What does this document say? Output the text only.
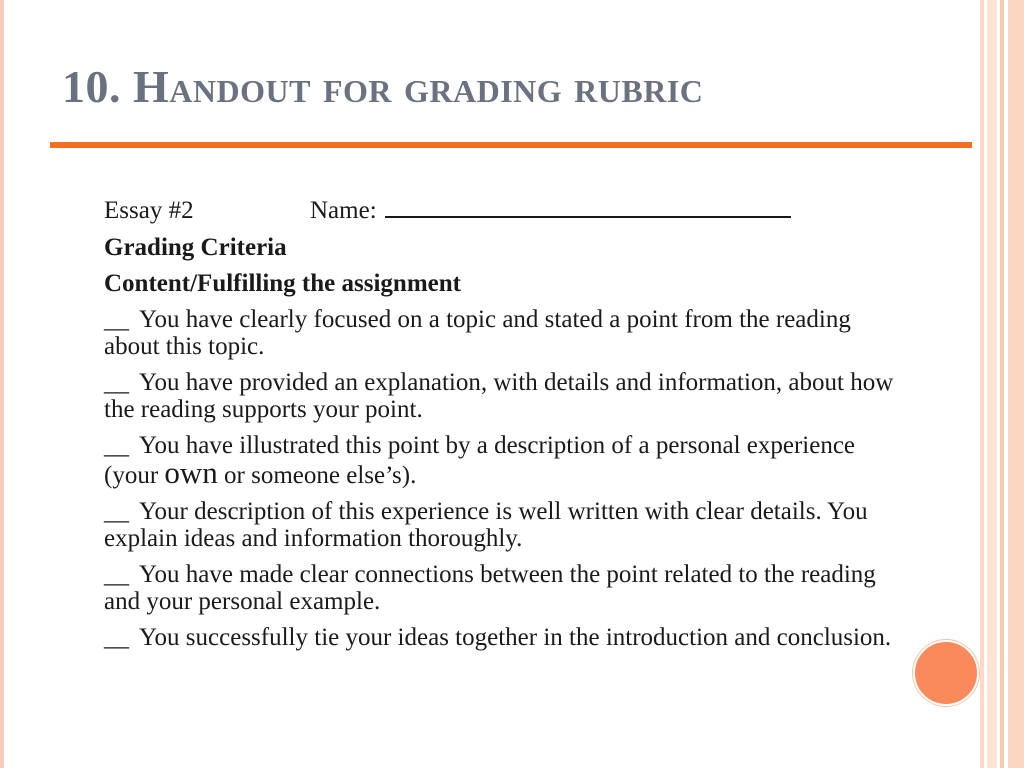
10. Handout for grading rubric
Essay #2	Name:
Grading Criteria
Content/Fulfilling the assignment
__ You have clearly focused on a topic and stated a point from the reading about this topic.
__ You have provided an explanation, with details and information, about how the reading supports your point.
__ You have illustrated this point by a description of a personal experience (your own or someone else’s).
__ Your description of this experience is well written with clear details. You explain ideas and information thoroughly.
__ You have made clear connections between the point related to the reading and your personal example.
__ You successfully tie your ideas together in the introduction and conclusion.
